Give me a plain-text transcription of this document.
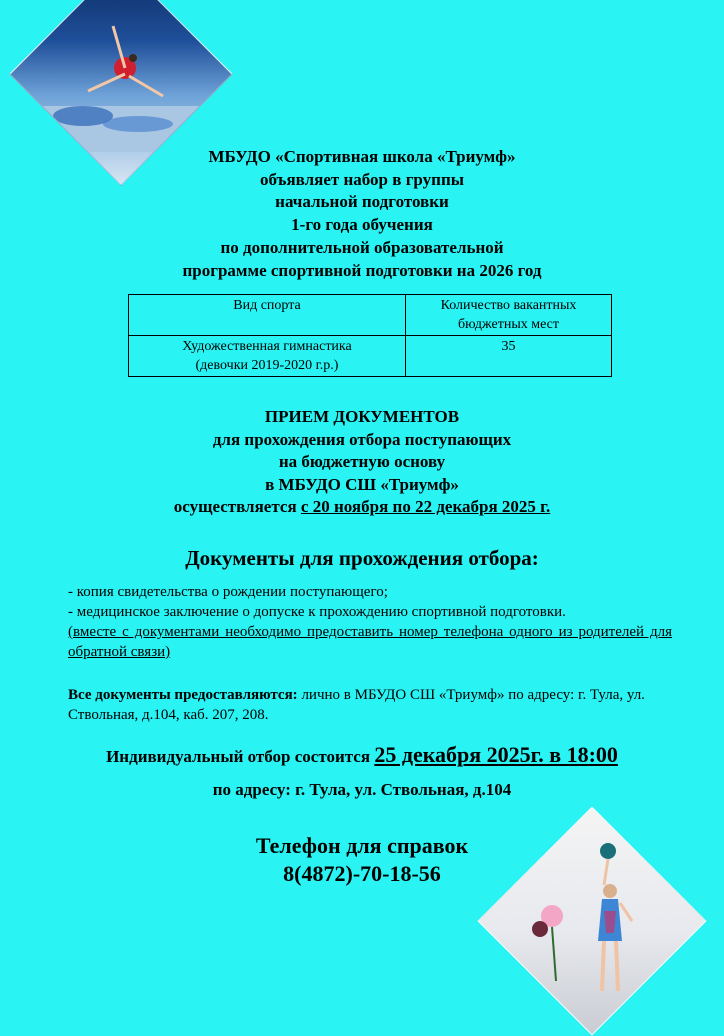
МБУДО «Спортивная школа «Триумф»
объявляет набор в группы
начальной подготовки
1-го года обучения
по дополнительной образовательной
программе спортивной подготовки на 2026 год
Вид спорта	Количество вакантных бюджетных мест

Художественная гимнастика
(девочки 2019-2020 г.р.)	35
ПРИЕМ ДОКУМЕНТОВ
для прохождения отбора поступающих
на бюджетную основу
в МБУДО СШ «Триумф»
осуществляется с 20 ноября по 22 декабря 2025 г.
Документы для прохождения отбора:

- копия свидетельства о рождении поступающего;

- медицинское заключение о допуске к прохождению спортивной подготовки.

(вместе с документами необходимо предоставить номер телефона одного из родителей для обратной связи)

Все документы предоставляются: лично в МБУДО СШ «Триумф» по адресу: г. Тула, ул. Ствольная, д.104, каб. 207, 208.
Индивидуальный отбор состоится 25 декабря 2025г. в 18:00
по адресу: г. Тула, ул. Ствольная, д.104
Телефон для справок
8(4872)-70-18-56
